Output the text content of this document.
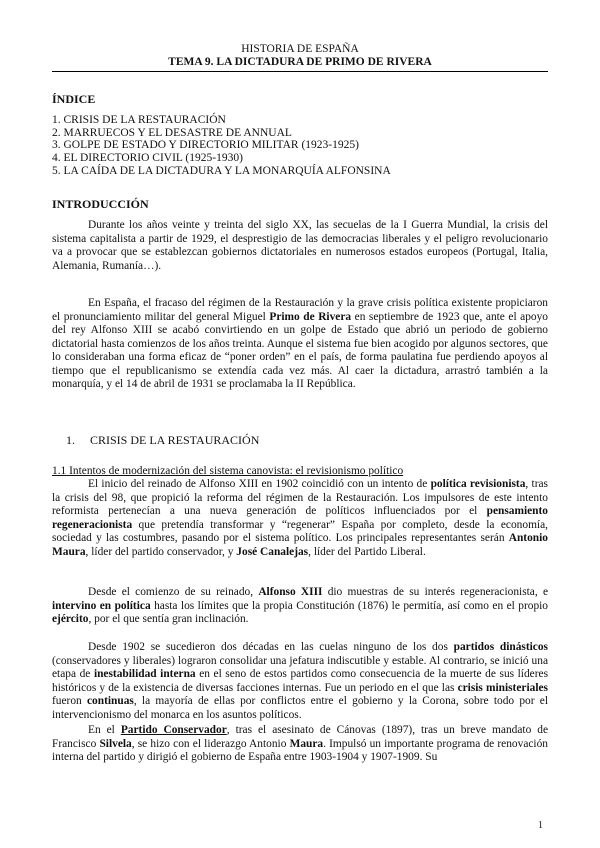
HISTORIA DE ESPAÑA
TEMA 9. LA DICTADURA DE PRIMO DE RIVERA
ÍNDICE
1. CRISIS DE LA RESTAURACIÓN
2. MARRUECOS Y EL DESASTRE DE ANNUAL
3. GOLPE DE ESTADO Y DIRECTORIO MILITAR (1923-1925)
4. EL DIRECTORIO CIVIL (1925-1930)
5. LA CAÍDA DE LA DICTADURA Y LA MONARQUÍA ALFONSINA
INTRODUCCIÓN
Durante los años veinte y treinta del siglo XX, las secuelas de la I Guerra Mundial, la crisis del sistema capitalista a partir de 1929, el desprestigio de las democracias liberales y el peligro revolucionario va a provocar que se establezcan gobiernos dictatoriales en numerosos estados europeos (Portugal, Italia, Alemania, Rumanía…).
En España, el fracaso del régimen de la Restauración y la grave crisis política existente propiciaron el pronunciamiento militar del general Miguel Primo de Rivera en septiembre de 1923 que, ante el apoyo del rey Alfonso XIII se acabó convirtiendo en un golpe de Estado que abrió un periodo de gobierno dictatorial hasta comienzos de los años treinta. Aunque el sistema fue bien acogido por algunos sectores, que lo consideraban una forma eficaz de “poner orden” en el país, de forma paulatina fue perdiendo apoyos al tiempo que el republicanismo se extendía cada vez más. Al caer la dictadura, arrastró también a la monarquía, y el 14 de abril de 1931 se proclamaba la II República.
1. CRISIS DE LA RESTAURACIÓN
1.1 Intentos de modernización del sistema canovista: el revisionismo político
El inicio del reinado de Alfonso XIII en 1902 coincidió con un intento de política revisionista, tras la crisis del 98, que propició la reforma del régimen de la Restauración. Los impulsores de este intento reformista pertenecían a una nueva generación de políticos influenciados por el pensamiento regeneracionista que pretendía transformar y “regenerar” España por completo, desde la economía, sociedad y las costumbres, pasando por el sistema político. Los principales representantes serán Antonio Maura, líder del partido conservador, y José Canalejas, líder del Partido Liberal.
Desde el comienzo de su reinado, Alfonso XIII dio muestras de su interés regeneracionista, e intervino en política hasta los límites que la propia Constitución (1876) le permitía, así como en el propio ejército, por el que sentía gran inclinación.
Desde 1902 se sucedieron dos décadas en las cuelas ninguno de los dos partidos dinásticos (conservadores y liberales) lograron consolidar una jefatura indiscutible y estable. Al contrario, se inició una etapa de inestabilidad interna en el seno de estos partidos como consecuencia de la muerte de sus líderes históricos y de la existencia de diversas facciones internas. Fue un periodo en el que las crisis ministeriales fueron continuas, la mayoría de ellas por conflictos entre el gobierno y la Corona, sobre todo por el intervencionismo del monarca en los asuntos políticos.
En el Partido Conservador, tras el asesinato de Cánovas (1897), tras un breve mandato de Francisco Silvela, se hizo con el liderazgo Antonio Maura. Impulsó un importante programa de renovación interna del partido y dirigió el gobierno de España entre 1903-1904 y 1907-1909. Su
1
